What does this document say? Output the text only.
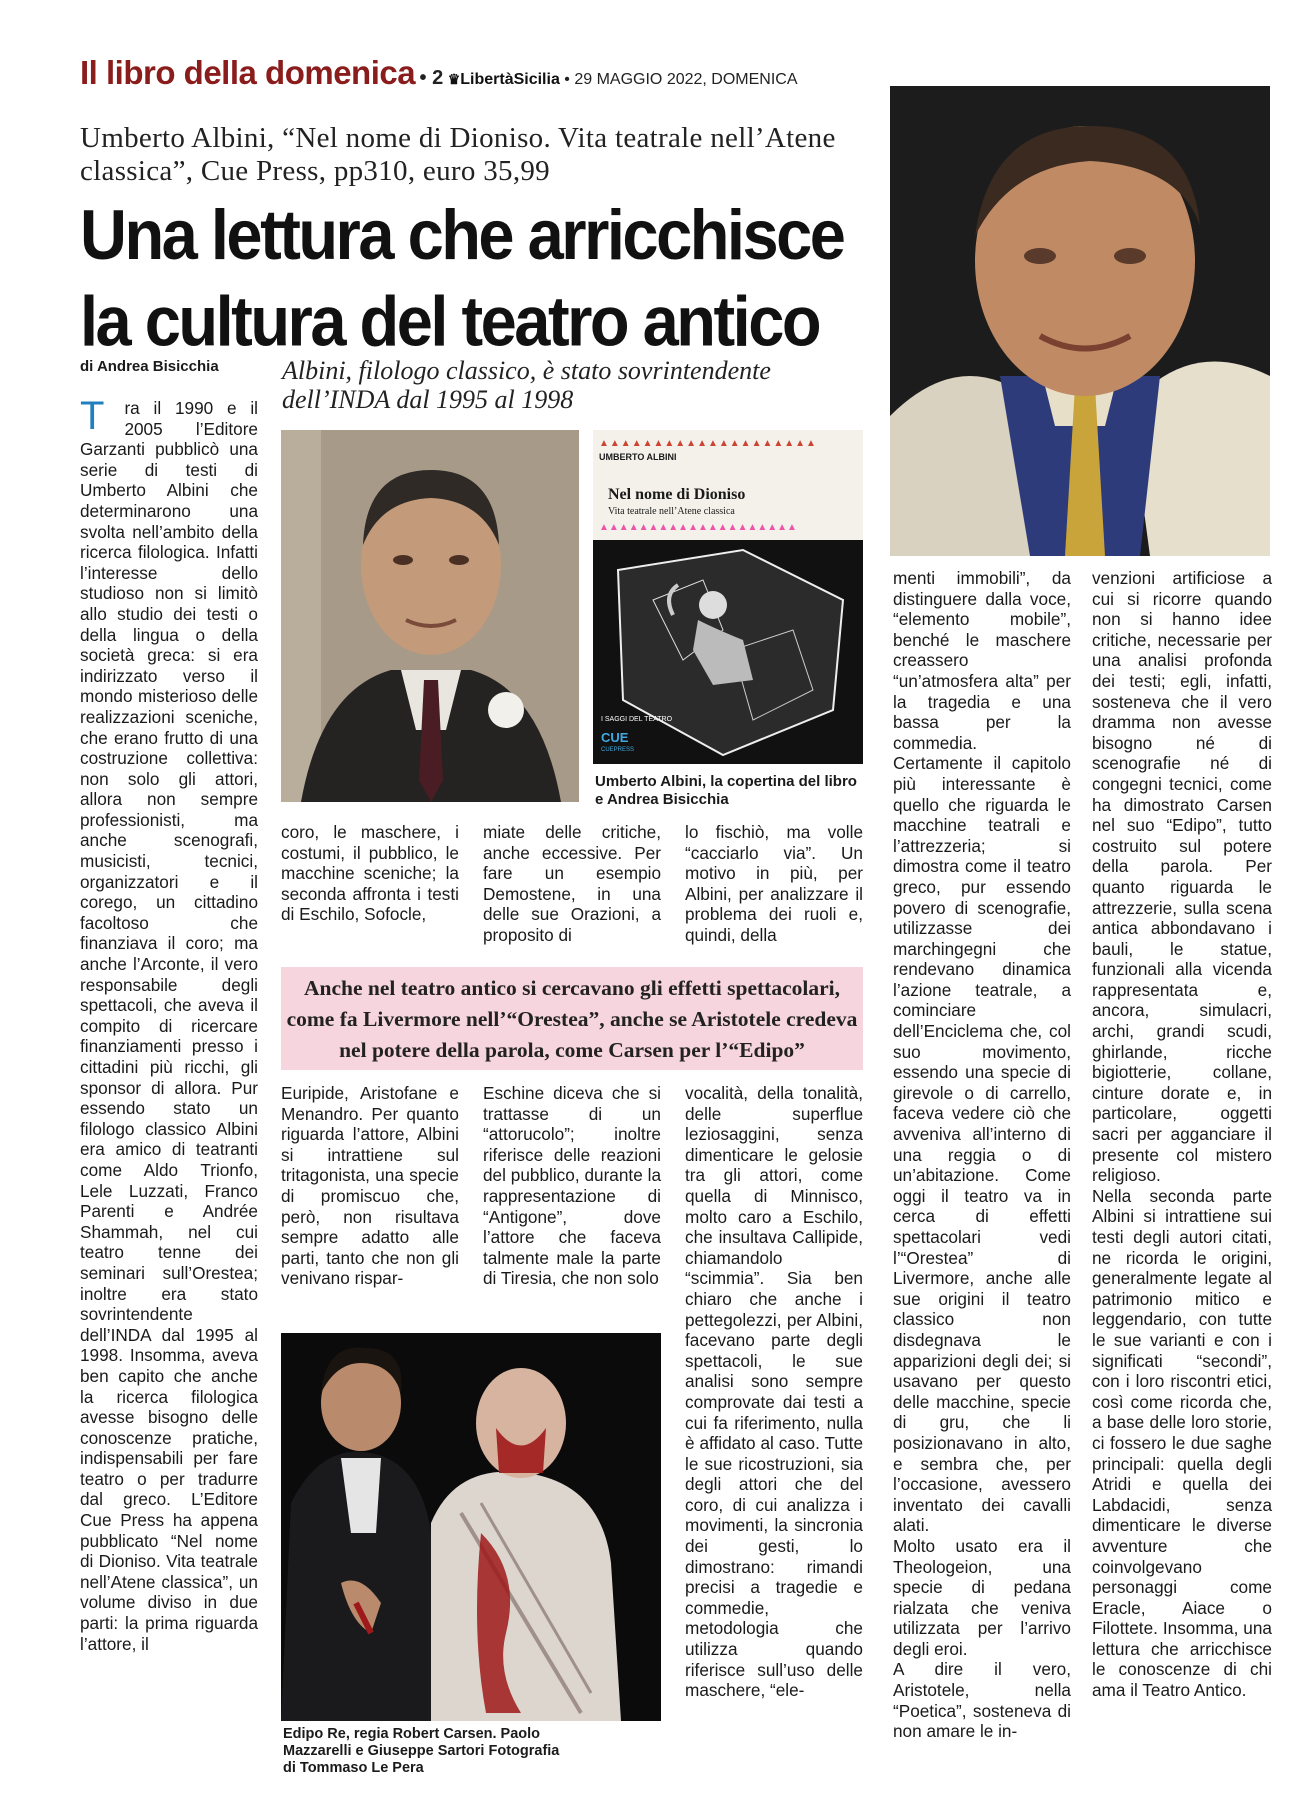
Il libro della domenica • 2 ♛LibertàSicilia • 29 MAGGIO 2022, DOMENICA
Umberto Albini, “Nel nome di Dioniso. Vita teatrale nell’Atene classica”, Cue Press, pp310, euro 35,99
Una lettura che arricchisce
la cultura del teatro antico
di Andrea Bisicchia Albini, filologo classico, è stato sovrintendente dell’INDA dal 1995 al 1998
T ra il 1990 e il 2005 l’Editore Garzanti pubblicò una serie di testi di Umberto Albini che determinarono una svolta nell’ambito della ricerca filologica. Infatti l’interesse dello studioso non si limitò allo studio dei testi o della lingua o della società greca: si era indirizzato verso il mondo misterioso delle realizzazioni sceniche, che erano frutto di una costruzione collettiva: non solo gli attori, allora non sempre professionisti, ma anche scenografi, musicisti, tecnici, organizzatori e il corego, un cittadino facoltoso che finanziava il coro; ma anche l’Arconte, il vero responsabile degli spettacoli, che aveva il compito di ricercare finanziamenti presso i cittadini più ricchi, gli sponsor di allora. Pur essendo stato un filologo classico Albini era amico di teatranti come Aldo Trionfo, Lele Luzzati, Franco Parenti e Andrée Shammah, nel cui teatro tenne dei seminari sull’Orestea; inoltre era stato sovrintendente dell’INDA dal 1995 al 1998. Insomma, aveva ben capito che anche la ricerca filologica avesse bisogno delle conoscenze pratiche, indispensabili per fare teatro o per tradurre dal greco. L’Editore Cue Press ha appena pubblicato “Nel nome di Dioniso. Vita teatrale nell’Atene classica”, un volume diviso in due parti: la prima riguarda l’attore, il
▲▲▲▲▲▲▲▲▲▲▲▲▲▲▲▲▲▲▲▲
UMBERTO ALBINI
Nel nome di Dioniso
Vita teatrale nell’Atene classica
▲▲▲▲▲▲▲▲▲▲▲▲▲▲▲▲▲▲▲▲
I SAGGI DEL TEATRO
CUE
CUEPRESS
Umberto Albini, la copertina del libro e Andrea Bisicchia
coro, le maschere, i costumi, il pubblico, le macchine sceniche; la seconda affronta i testi di Eschilo, Sofocle,
miate delle critiche, anche eccessive. Per fare un esempio Demostene, in una delle sue Orazioni, a proposito di
lo fischiò, ma volle “cacciarlo via”. Un motivo in più, per Albini, per analizzare il problema dei ruoli e, quindi, della
Anche nel teatro antico si cercavano gli effetti spettacolari, come fa Livermore nell’“Orestea”, anche se Aristotele credeva nel potere della parola, come Carsen per l’“Edipo”
Euripide, Aristofane e Menandro. Per quanto riguarda l’attore, Albini si intrattiene sul tritagonista, una specie di promiscuo che, però, non risultava sempre adatto alle parti, tanto che non gli venivano rispar-
Eschine diceva che si trattasse di un “attorucolo”; inoltre riferisce delle reazioni del pubblico, durante la rappresentazione di “Antigone”, dove l’attore che faceva talmente male la parte di Tiresia, che non solo
vocalità, della tonalità, delle superflue leziosaggini, senza dimenticare le gelosie tra gli attori, come quella di Minnisco, molto caro a Eschilo, che insultava Callipide, chiamandolo “scimmia”. Sia ben chiaro che anche i pettegolezzi, per Albini, facevano parte degli spettacoli, le sue analisi sono sempre comprovate dai testi a cui fa riferimento, nulla è affidato al caso. Tutte le sue ricostruzioni, sia degli attori che del coro, di cui analizza i movimenti, la sincronia dei gesti, lo dimostrano: rimandi precisi a tragedie e commedie, metodologia che utilizza quando riferisce sull’uso delle maschere, “ele-
Edipo Re, regia Robert Carsen. Paolo Mazzarelli e Giuseppe Sartori Fotografia di Tommaso Le Pera

menti immobili”, da distinguere dalla voce, “elemento mobile”, benché le maschere creassero “un’atmosfera alta” per la tragedia e una bassa per la commedia. Certamente il capitolo più interessante è quello che riguarda le macchine teatrali e l’attrezzeria; si dimostra come il teatro greco, pur essendo povero di scenografie, utilizzasse dei marchingegni che rendevano dinamica l’azione teatrale, a cominciare dell’Enciclema che, col suo movimento, essendo una specie di girevole o di carrello, faceva vedere ciò che avveniva all’interno di una reggia o di un’abitazione. Come oggi il teatro va in cerca di effetti spettacolari vedi l’“Orestea” di Livermore, anche alle sue origini il teatro classico non disdegnava le apparizioni degli dei; si usavano per questo delle macchine, specie di gru, che li posizionavano in alto, e sembra che, per l’occasione, avessero inventato dei cavalli alati.

Molto usato era il Theologeion, una specie di pedana rialzata che veniva utilizzata per l’arrivo degli eroi.

A dire il vero, Aristotele, nella “Poetica”, sosteneva di non amare le in-

venzioni artificiose a cui si ricorre quando non si hanno idee critiche, necessarie per una analisi profonda dei testi; egli, infatti, sosteneva che il vero dramma non avesse bisogno né di scenografie né di congegni tecnici, come ha dimostrato Carsen nel suo “Edipo”, tutto costruito sul potere della parola. Per quanto riguarda le attrezzerie, sulla scena antica abbondavano i bauli, le statue, funzionali alla vicenda rappresentata e, ancora, simulacri, archi, grandi scudi, ghirlande, ricche bigiotterie, collane, cinture dorate e, in particolare, oggetti sacri per agganciare il presente col mistero religioso.

Nella seconda parte Albini si intrattiene sui testi degli autori citati, ne ricorda le origini, generalmente legate al patrimonio mitico e leggendario, con tutte le sue varianti e con i significati “secondi”, con i loro riscontri etici, così come ricorda che, a base delle loro storie, ci fossero le due saghe principali: quella degli Atridi e quella dei Labdacidi, senza dimenticare le diverse avventure che coinvolgevano personaggi come Eracle, Aiace o Filottete. Insomma, una lettura che arricchisce le conoscenze di chi ama il Teatro Antico.
